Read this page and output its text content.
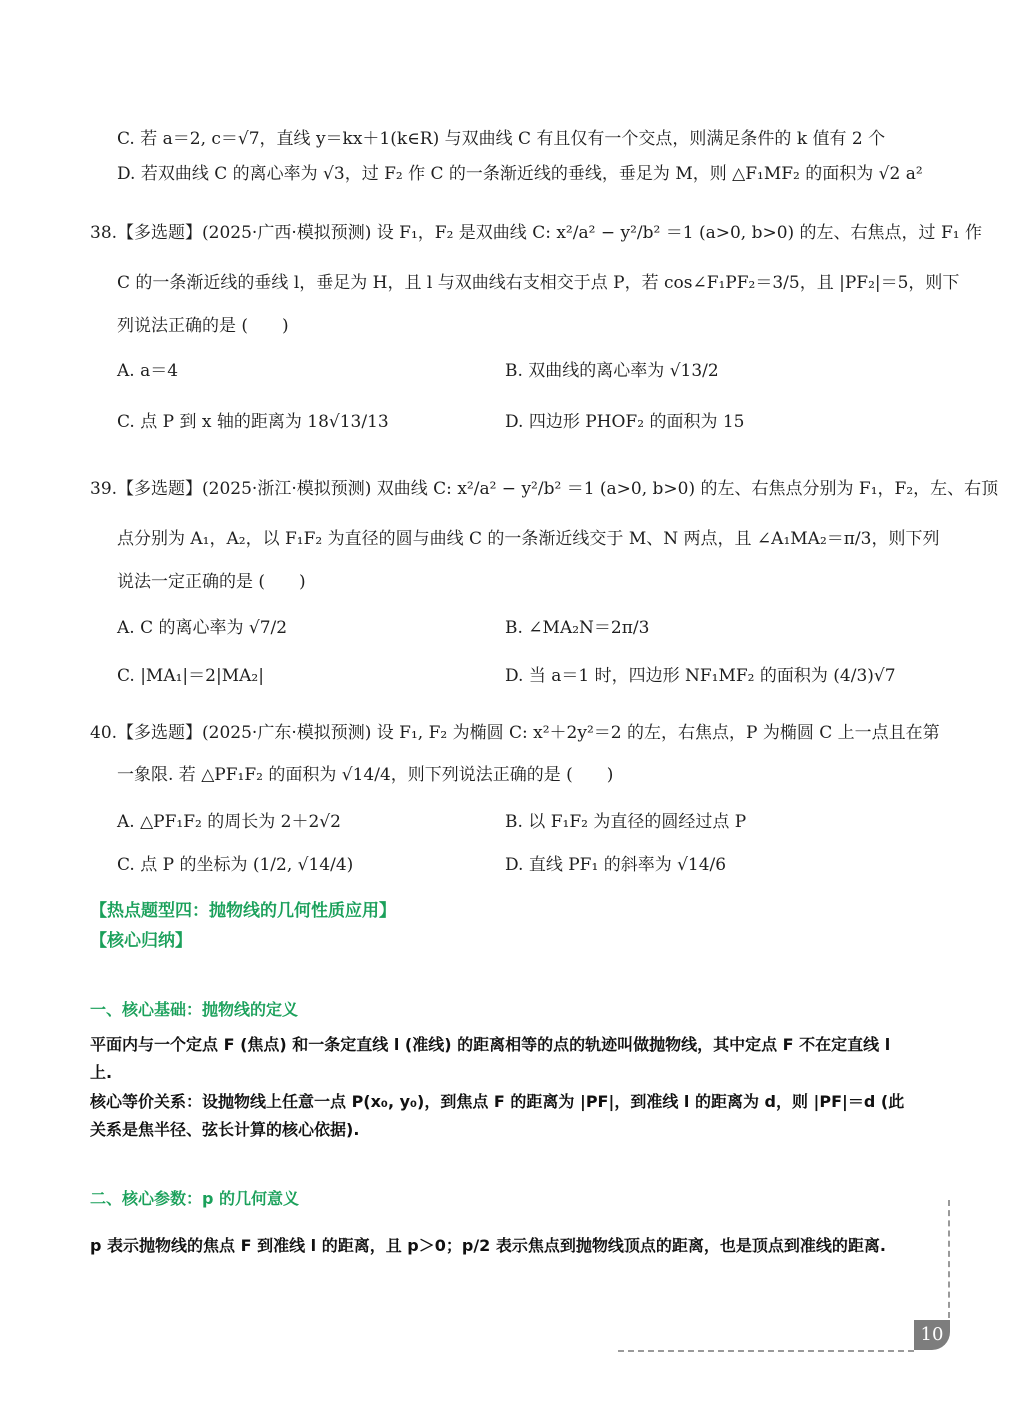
C. 若 a＝2, c＝√7，直线 y＝kx＋1(k∈R) 与双曲线 C 有且仅有一个交点，则满足条件的 k 值有 2 个
D. 若双曲线 C 的离心率为 √3，过 F₂ 作 C 的一条渐近线的垂线，垂足为 M，则 △F₁MF₂ 的面积为 √2 a²
38.【多选题】(2025·广西·模拟预测) 设 F₁，F₂ 是双曲线 C: x²/a² − y²/b² ＝1 (a>0, b>0) 的左、右焦点，过 F₁ 作
C 的一条渐近线的垂线 l，垂足为 H，且 l 与双曲线右支相交于点 P，若 cos∠F₁PF₂＝3/5，且 |PF₂|＝5，则下
列说法正确的是 (　　)
A. a＝4	B. 双曲线的离心率为 √13/2
C. 点 P 到 x 轴的距离为 18√13/13	D. 四边形 PHOF₂ 的面积为 15
39.【多选题】(2025·浙江·模拟预测) 双曲线 C: x²/a² − y²/b² ＝1 (a>0, b>0) 的左、右焦点分别为 F₁，F₂，左、右顶
点分别为 A₁，A₂，以 F₁F₂ 为直径的圆与曲线 C 的一条渐近线交于 M、N 两点，且 ∠A₁MA₂＝π/3，则下列
说法一定正确的是 (　　)
A. C 的离心率为 √7/2	B. ∠MA₂N＝2π/3
C. |MA₁|＝2|MA₂|	D. 当 a＝1 时，四边形 NF₁MF₂ 的面积为 (4/3)√7
40.【多选题】(2025·广东·模拟预测) 设 F₁, F₂ 为椭圆 C: x²＋2y²＝2 的左，右焦点，P 为椭圆 C 上一点且在第
一象限. 若 △PF₁F₂ 的面积为 √14/4，则下列说法正确的是 (　　)
A. △PF₁F₂ 的周长为 2＋2√2	B. 以 F₁F₂ 为直径的圆经过点 P
C. 点 P 的坐标为 (1/2, √14/4)	D. 直线 PF₁ 的斜率为 √14/6
【热点题型四：抛物线的几何性质应用】
【核心归纳】
一、核心基础：抛物线的定义
平面内与一个定点 F (焦点) 和一条定直线 l (准线) 的距离相等的点的轨迹叫做抛物线，其中定点 F 不在定直线 l
上.
核心等价关系：设抛物线上任意一点 P(x₀, y₀)，到焦点 F 的距离为 |PF|，到准线 l 的距离为 d，则 |PF|＝d (此
关系是焦半径、弦长计算的核心依据).
二、核心参数：p 的几何意义
p 表示抛物线的焦点 F 到准线 l 的距离，且 p＞0；p/2 表示焦点到抛物线顶点的距离，也是顶点到准线的距离.
10
